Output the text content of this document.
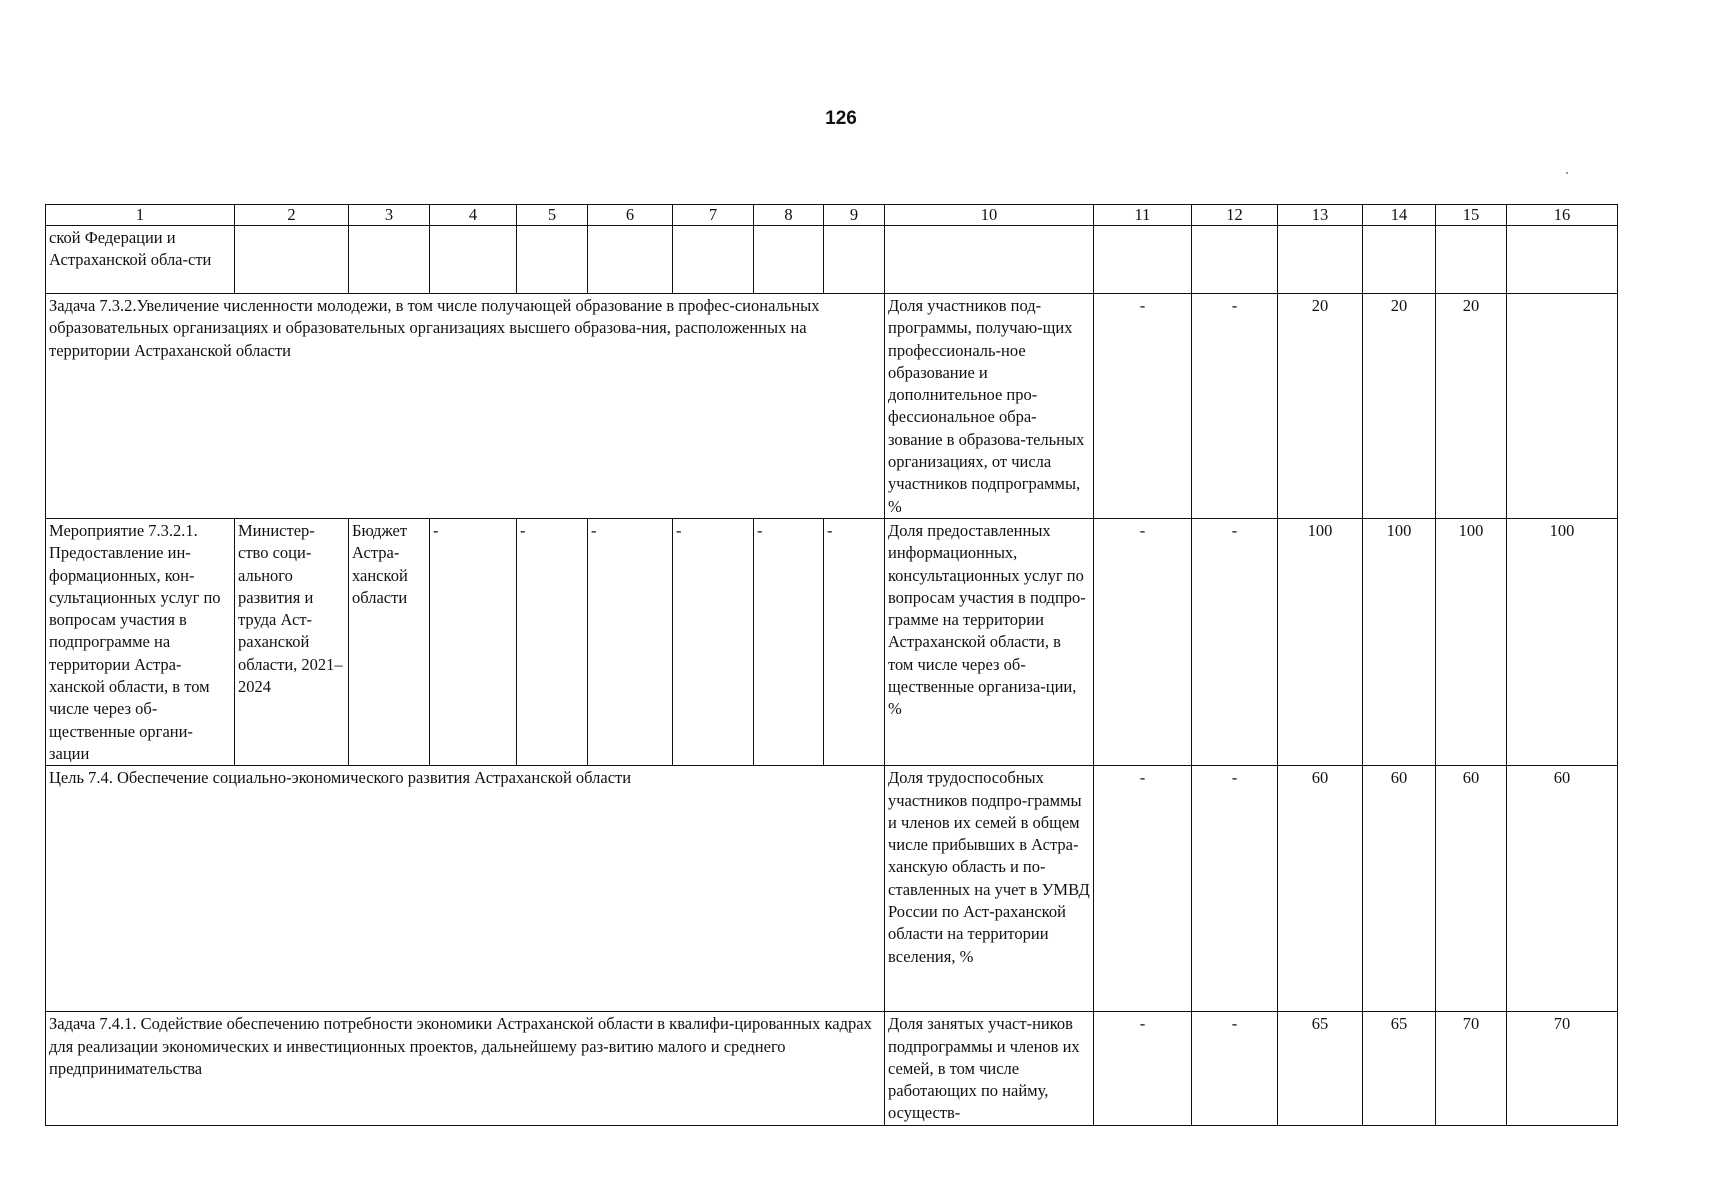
126
1	2	3	4	5	6	7	8	9	10	11	12	13	14	15	16
ской Федерации и Астраханской обла-сти															
Задача 7.3.2.Увеличение численности молодежи, в том числе получающей образование в профес-сиональных образовательных организациях и образовательных организациях высшего образова-ния, расположенных на территории Астраханской области									Доля участников под-программы, получаю-щих профессиональ-ное образование и дополнительное про-фессиональное обра-зование в образова-тельных организациях, от числа участников подпрограммы, %	-	-	20	20	20	
Мероприятие 7.3.2.1. Предоставление ин-формационных, кон-сультационных услуг по вопросам участия в подпрограмме на территории Астра-ханской области, в том числе через об-щественные органи-зации	Министер-ство соци-ального развития и труда Аст-раханской области, 2021–2024	Бюджет Астра-ханской области	-	-	-	-	-	-	Доля предоставленных информационных, консультационных услуг по вопросам участия в подпро-грамме на территории Астраханской области, в том числе через об-щественные организа-ции, %	-	-	100	100	100	100
Цель 7.4. Обеспечение социально-экономического развития Астраханской области									Доля трудоспособных участников подпро-граммы и членов их семей в общем числе прибывших в Астра-ханскую область и по-ставленных на учет в УМВД России по Аст-раханской области на территории вселения, %	-	-	60	60	60	60
Задача 7.4.1. Содействие обеспечению потребности экономики Астраханской области в квалифи-цированных кадрах для реализации экономических и инвестиционных проектов, дальнейшему раз-витию малого и среднего предпринимательства									Доля занятых участ-ников подпрограммы и членов их семей, в том числе работающих по найму, осуществ-	-	-	65	65	70	70
